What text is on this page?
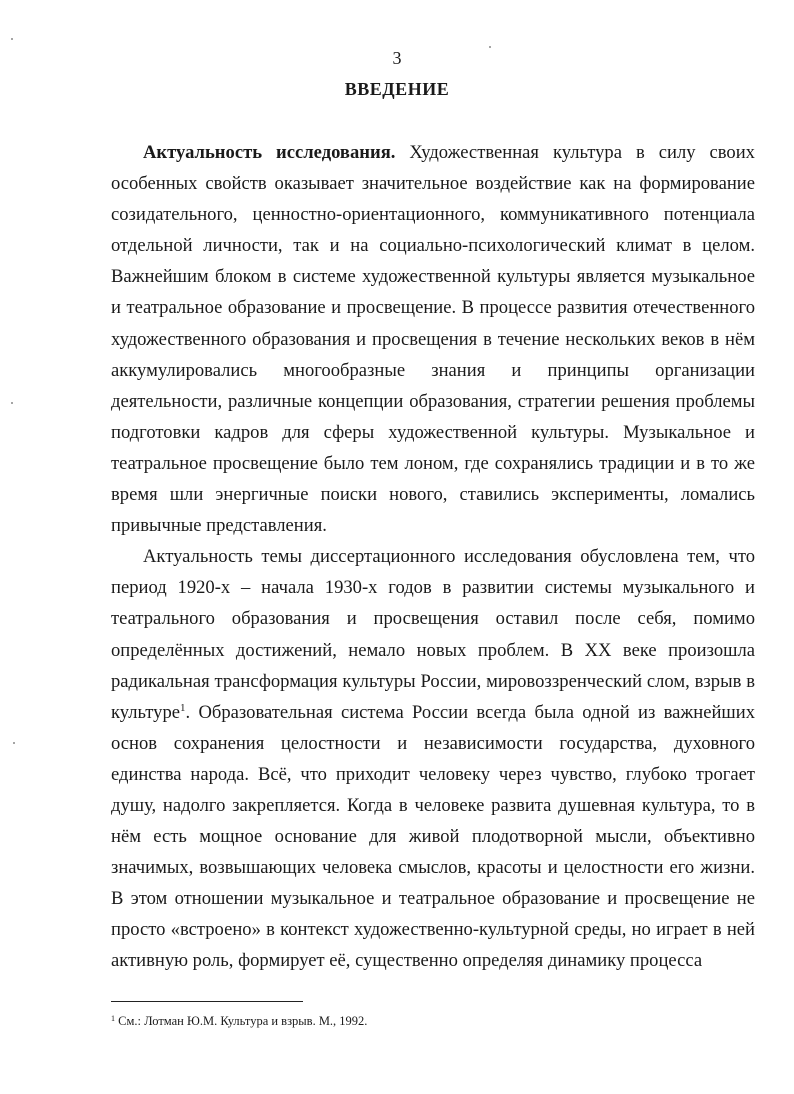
3
ВВЕДЕНИЕ

Актуальность исследования. Художественная культура в силу своих особенных свойств оказывает значительное воздействие как на формирование созидательного, ценностно-ориентационного, коммуникативного потенциала отдельной личности, так и на социально-психологический климат в целом. Важнейшим блоком в системе художественной культуры является музыкальное и театральное образование и просвещение. В процессе развития отечественного художественного образования и просвещения в течение нескольких веков в нём аккумулировались многообразные знания и принципы организации деятельности, различные концепции образования, стратегии решения проблемы подготовки кадров для сферы художественной культуры. Музыкальное и театральное просвещение было тем лоном, где сохранялись традиции и в то же время шли энергичные поиски нового, ставились эксперименты, ломались привычные представления.

Актуальность темы диссертационного исследования обусловлена тем, что период 1920-х – начала 1930-х годов в развитии системы музыкального и театрального образования и просвещения оставил после себя, помимо определённых достижений, немало новых проблем. В XX веке произошла радикальная трансформация культуры России, мировоззренческий слом, взрыв в культуре$^1$. Образовательная система России всегда была одной из важнейших основ сохранения целостности и независимости государства, духовного единства народа. Всё, что приходит человеку через чувство, глубоко трогает душу, надолго закрепляется. Когда в человеке развита душевная культура, то в нём есть мощное основание для живой плодотворной мысли, объективно значимых, возвышающих человека смыслов, красоты и целостности его жизни. В этом отношении музыкальное и театральное образование и просвещение не просто «встроено» в контекст художественно-культурной среды, но играет в ней активную роль, формирует её, существенно определяя динамику процесса

$^1$ См.: Лотман Ю.М. Культура и взрыв. М., 1992.
